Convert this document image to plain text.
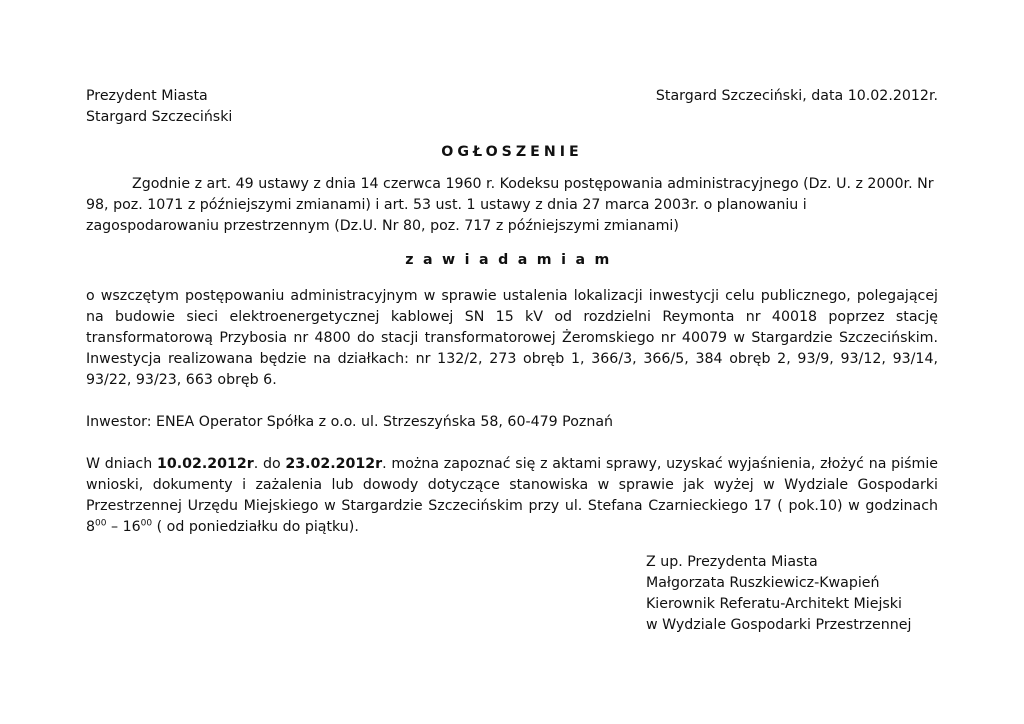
Prezydent Miasta
Stargard Szczeciński
Stargard Szczeciński, data 10.02.2012r.
OGŁOSZENIE

Zgodnie z art. 49 ustawy z dnia 14 czerwca 1960 r. Kodeksu postępowania administracyjnego (Dz. U. z 2000r. Nr 98, poz. 1071 z późniejszymi zmianami) i art. 53 ust. 1 ustawy z dnia 27 marca 2003r. o planowaniu i zagospodarowaniu przestrzennym (Dz.U. Nr 80, poz. 717 z późniejszymi zmianami)

zawiadamiam

o wszczętym postępowaniu administracyjnym w sprawie ustalenia lokalizacji inwestycji celu publicznego, polegającej na budowie sieci elektroenergetycznej kablowej SN 15 kV od rozdzielni Reymonta nr 40018 poprzez stację transformatorową Przybosia nr 4800 do stacji transformatorowej Żeromskiego nr 40079 w Stargardzie Szczecińskim. Inwestycja realizowana będzie na działkach: nr 132/2, 273 obręb 1, 366/3, 366/5, 384 obręb 2, 93/9, 93/12, 93/14, 93/22, 93/23, 663 obręb 6.

Inwestor: ENEA Operator Spółka z o.o. ul. Strzeszyńska 58, 60-479 Poznań

W dniach 10.02.2012r. do 23.02.2012r. można zapoznać się z aktami sprawy, uzyskać wyjaśnienia, złożyć na piśmie wnioski, dokumenty i zażalenia lub dowody dotyczące stanowiska w sprawie jak wyżej w Wydziale Gospodarki Przestrzennej Urzędu Miejskiego w Stargardzie Szczecińskim przy ul. Stefana Czarnieckiego 17 ( pok.10) w godzinach $8^{00} - 16^{00}$ ( od poniedziałku do piątku).

Z up. Prezydenta Miasta
Małgorzata Ruszkiewicz-Kwapień
Kierownik Referatu-Architekt Miejski
w Wydziale Gospodarki Przestrzennej
